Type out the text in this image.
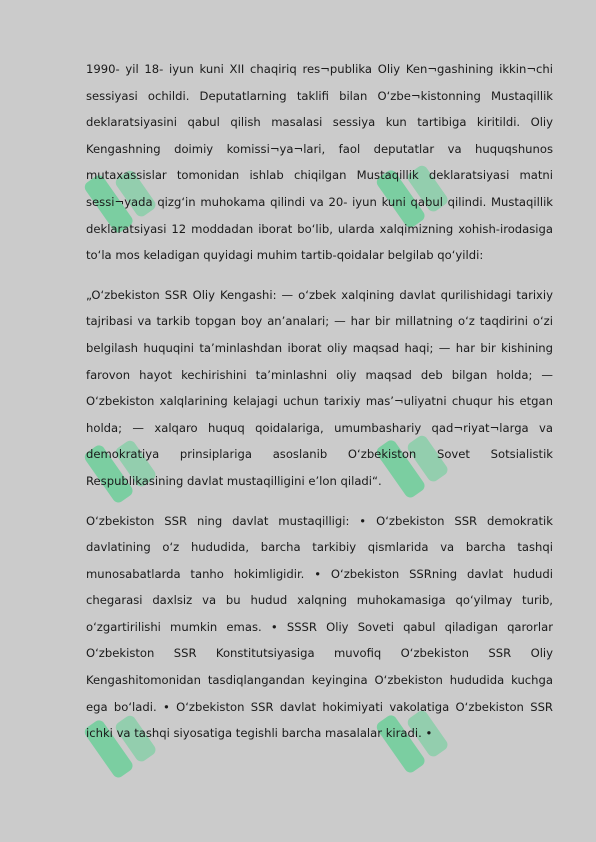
1990- yil 18- iyun kuni XII chaqiriq res¬publika Oliy Ken¬gashining ikkin¬chi sessiyasi ochildi. Deputatlarning taklifi bilan O‘zbe¬kistonning Mustaqillik deklaratsiyasini qabul qilish masalasi sessiya kun tartibiga kiritildi. Oliy Kengashning doimiy komissi¬ya¬lari, faol deputatlar va huquqshunos mutaxassislar tomonidan ishlab chiqilgan Mustaqillik deklaratsiyasi matni sessi¬yada qizg‘in muhokama qilindi va 20- iyun kuni qabul qilindi. Mustaqillik deklaratsiyasi 12 moddadan iborat bo‘lib, ularda xalqimizning xohish-irodasiga to‘la mos keladigan quyidagi muhim tartib-qoidalar belgilab qo‘yildi:

„O‘zbekiston SSR Oliy Kengashi: — o‘zbek xalqining davlat qurilishidagi tarixiy tajribasi va tarkib topgan boy an’analari; — har bir millatning o‘z taqdirini o‘zi belgilash huquqini ta’minlashdan iborat oliy maqsad haqi; — har bir kishining farovon hayot kechirishini ta’minlashni oliy maqsad deb bilgan holda; — O‘zbekiston xalqlarining kelajagi uchun tarixiy mas’¬uliyatni chuqur his etgan holda; — xalqaro huquq qoidalariga, umumbashariy qad¬riyat¬larga va demokratiya prinsiplariga asoslanib O‘zbekiston Sovet Sotsialistik Respublikasining davlat mustaqilligini e’lon qiladi“.

O‘zbekiston SSR ning davlat mustaqilligi: • O‘zbekiston SSR demokratik davlatining o‘z hududida, barcha tarkibiy qismlarida va barcha tashqi munosabatlarda tanho hokimligidir. • O‘zbekiston SSRning davlat hududi chegarasi daxlsiz va bu hudud xalqning muhokamasiga qo‘yilmay turib, o‘zgartirilishi mumkin emas. • SSSR Oliy Soveti qabul qiladigan qarorlar O‘zbekiston SSR Konstitutsiyasiga muvofiq O‘zbekiston SSR Oliy Kengashitomonidan tasdiqlangandan keyingina O‘zbekiston hududida kuchga ega bo‘ladi. • O‘zbekiston SSR davlat hokimiyati vakolatiga O‘zbekiston SSR ichki va tashqi siyosatiga tegishli barcha masalalar kiradi. •
